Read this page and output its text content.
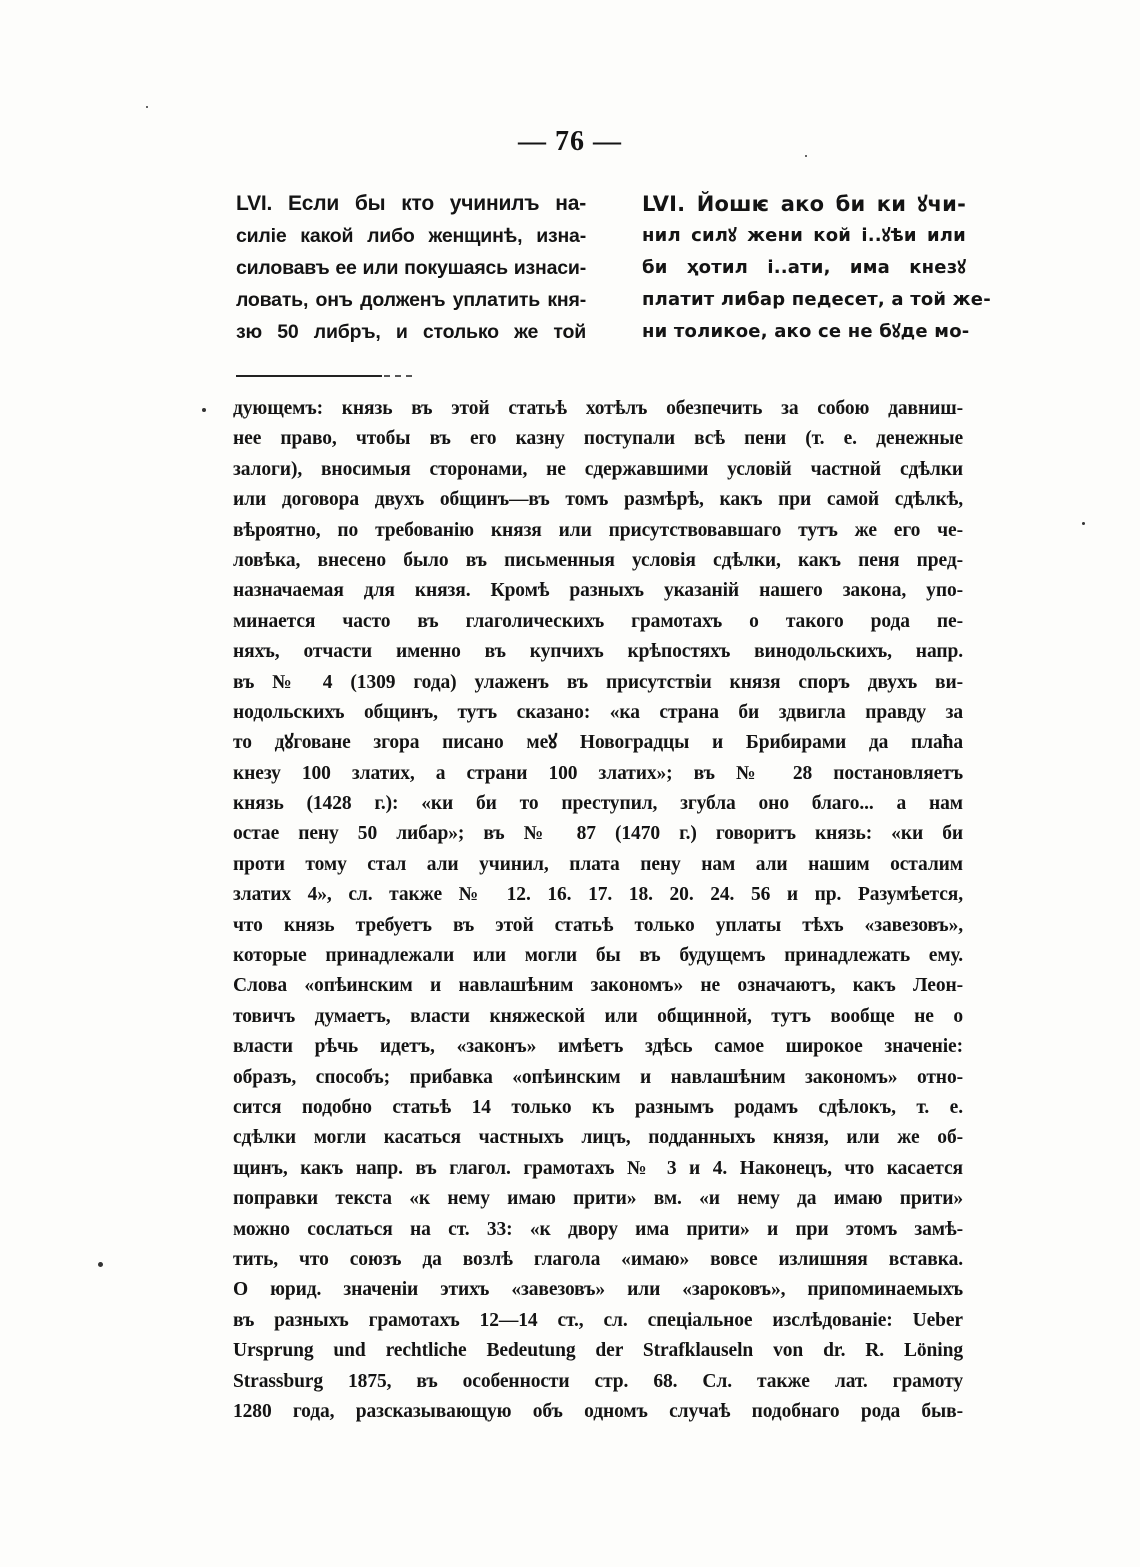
— 76 —
LVI. Если бы кто учинилъ на-
силіе какой либо женщинѣ, изна-
силовавъ ее или покушаясь изнаси-
ловать, онъ долженъ уплатить кня-
зю 50 либръ, и столько же той
LVI. Йошѥ ако би ки ꙋчи-
нил силꙋ жени кой і..ꙋѣи или
би ҳотил і..ати, има кнезꙋ
платит либар педесет, а той же-
ни толикое, ако се не бꙋде мо-
дующемъ: князь въ этой статьѣ хотѣлъ обезпечить за собою давниш-
нее право, чтобы въ его казну поступали всѣ пени (т. е. денежные
залоги), вносимыя сторонами, не сдержавшими условій частной сдѣлки
или договора двухъ общинъ—въ томъ размѣрѣ, какъ при самой сдѣлкѣ,
вѣроятно, по требованію князя или присутствовавшаго тутъ же его че-
ловѣка, внесено было въ письменныя условія сдѣлки, какъ пеня пред-
назначаемая для князя. Кромѣ разныхъ указаній нашего закона, упо-
минается часто въ глаголическихъ грамотахъ о такого рода пе-
няхъ, отчасти именно въ купчихъ крѣпостяхъ винодольскихъ, напр.
въ № 4 (1309 года) улаженъ въ присутствіи князя споръ двухъ ви-
нодольскихъ общинъ, тутъ сказано: «ка страна би здвигла правду за
то дꙋговане згора писано меꙋ Новоградцы и Брибирами да плаћа
кнезу 100 златих, а страни 100 златих»; въ № 28 постановляетъ
князь (1428 г.): «ки би то преступил, згубла оно благо... а нам
остае пену 50 либар»; въ № 87 (1470 г.) говоритъ князь: «ки би
проти тому стал али учинил, плата пену нам али нашим осталим
златих 4», сл. также № 12. 16. 17. 18. 20. 24. 56 и пр. Разумѣется,
что князь требуетъ въ этой статьѣ только уплаты тѣхъ «завезовъ»,
которые принадлежали или могли бы въ будущемъ принадлежать ему.
Слова «опѣинским и навлашѣним закономъ» не означаютъ, какъ Леон-
товичъ думаетъ, власти княжеской или общинной, тутъ вообще не о
власти рѣчь идетъ, «законъ» имѣетъ здѣсь самое широкое значеніе:
образъ, способъ; прибавка «опѣинским и навлашѣним закономъ» отно-
сится подобно статьѣ 14 только къ разнымъ родамъ сдѣлокъ, т. е.
сдѣлки могли касаться частныхъ лицъ, подданныхъ князя, или же об-
щинъ, какъ напр. въ глагол. грамотахъ № 3 и 4. Наконецъ, что касается
поправки текста «к нему имаю прити» вм. «и нему да имаю прити»
можно сослаться на ст. 33: «к двору има прити» и при этомъ замѣ-
тить, что союзъ да возлѣ глагола «имаю» вовсе излишняя вставка.
О юрид. значеніи этихъ «завезовъ» или «зароковъ», припоминаемыхъ
въ разныхъ грамотахъ 12—14 ст., сл. спеціальное изслѣдованіе: Ueber
Ursprung und rechtliche Bedeutung der Strafklauseln von dr. R. Löning
Strassburg 1875, въ особенности стр. 68. Сл. также лат. грамоту
1280 года, разсказывающую объ одномъ случаѣ подобнаго рода быв-
